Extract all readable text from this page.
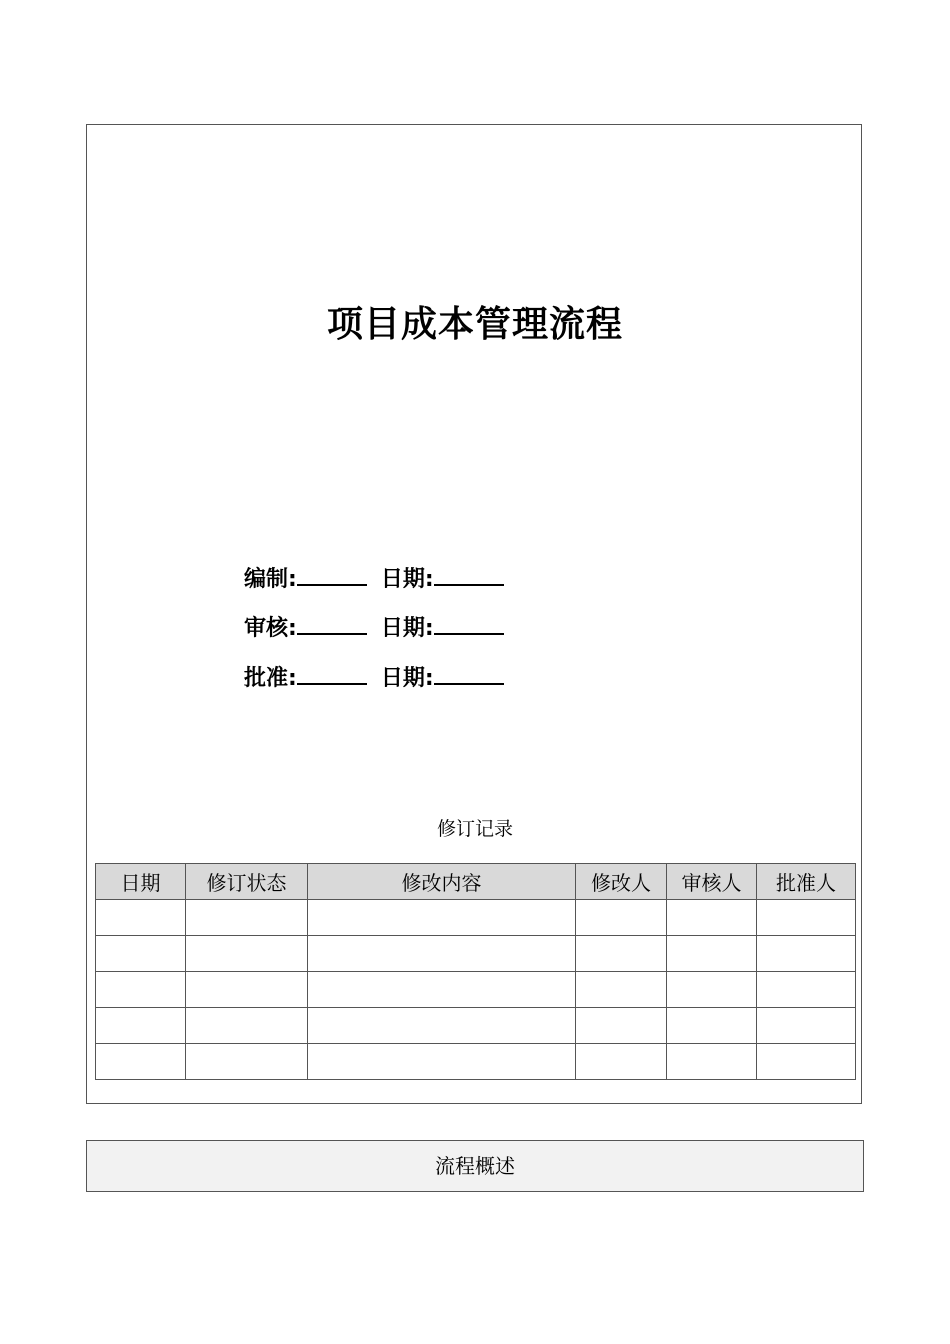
项目成本管理流程
编制:	日期:
审核:	日期:
批准:	日期:
修订记录
日期	修订状态	修改内容	修改人	审核人	批准人

流程概述
